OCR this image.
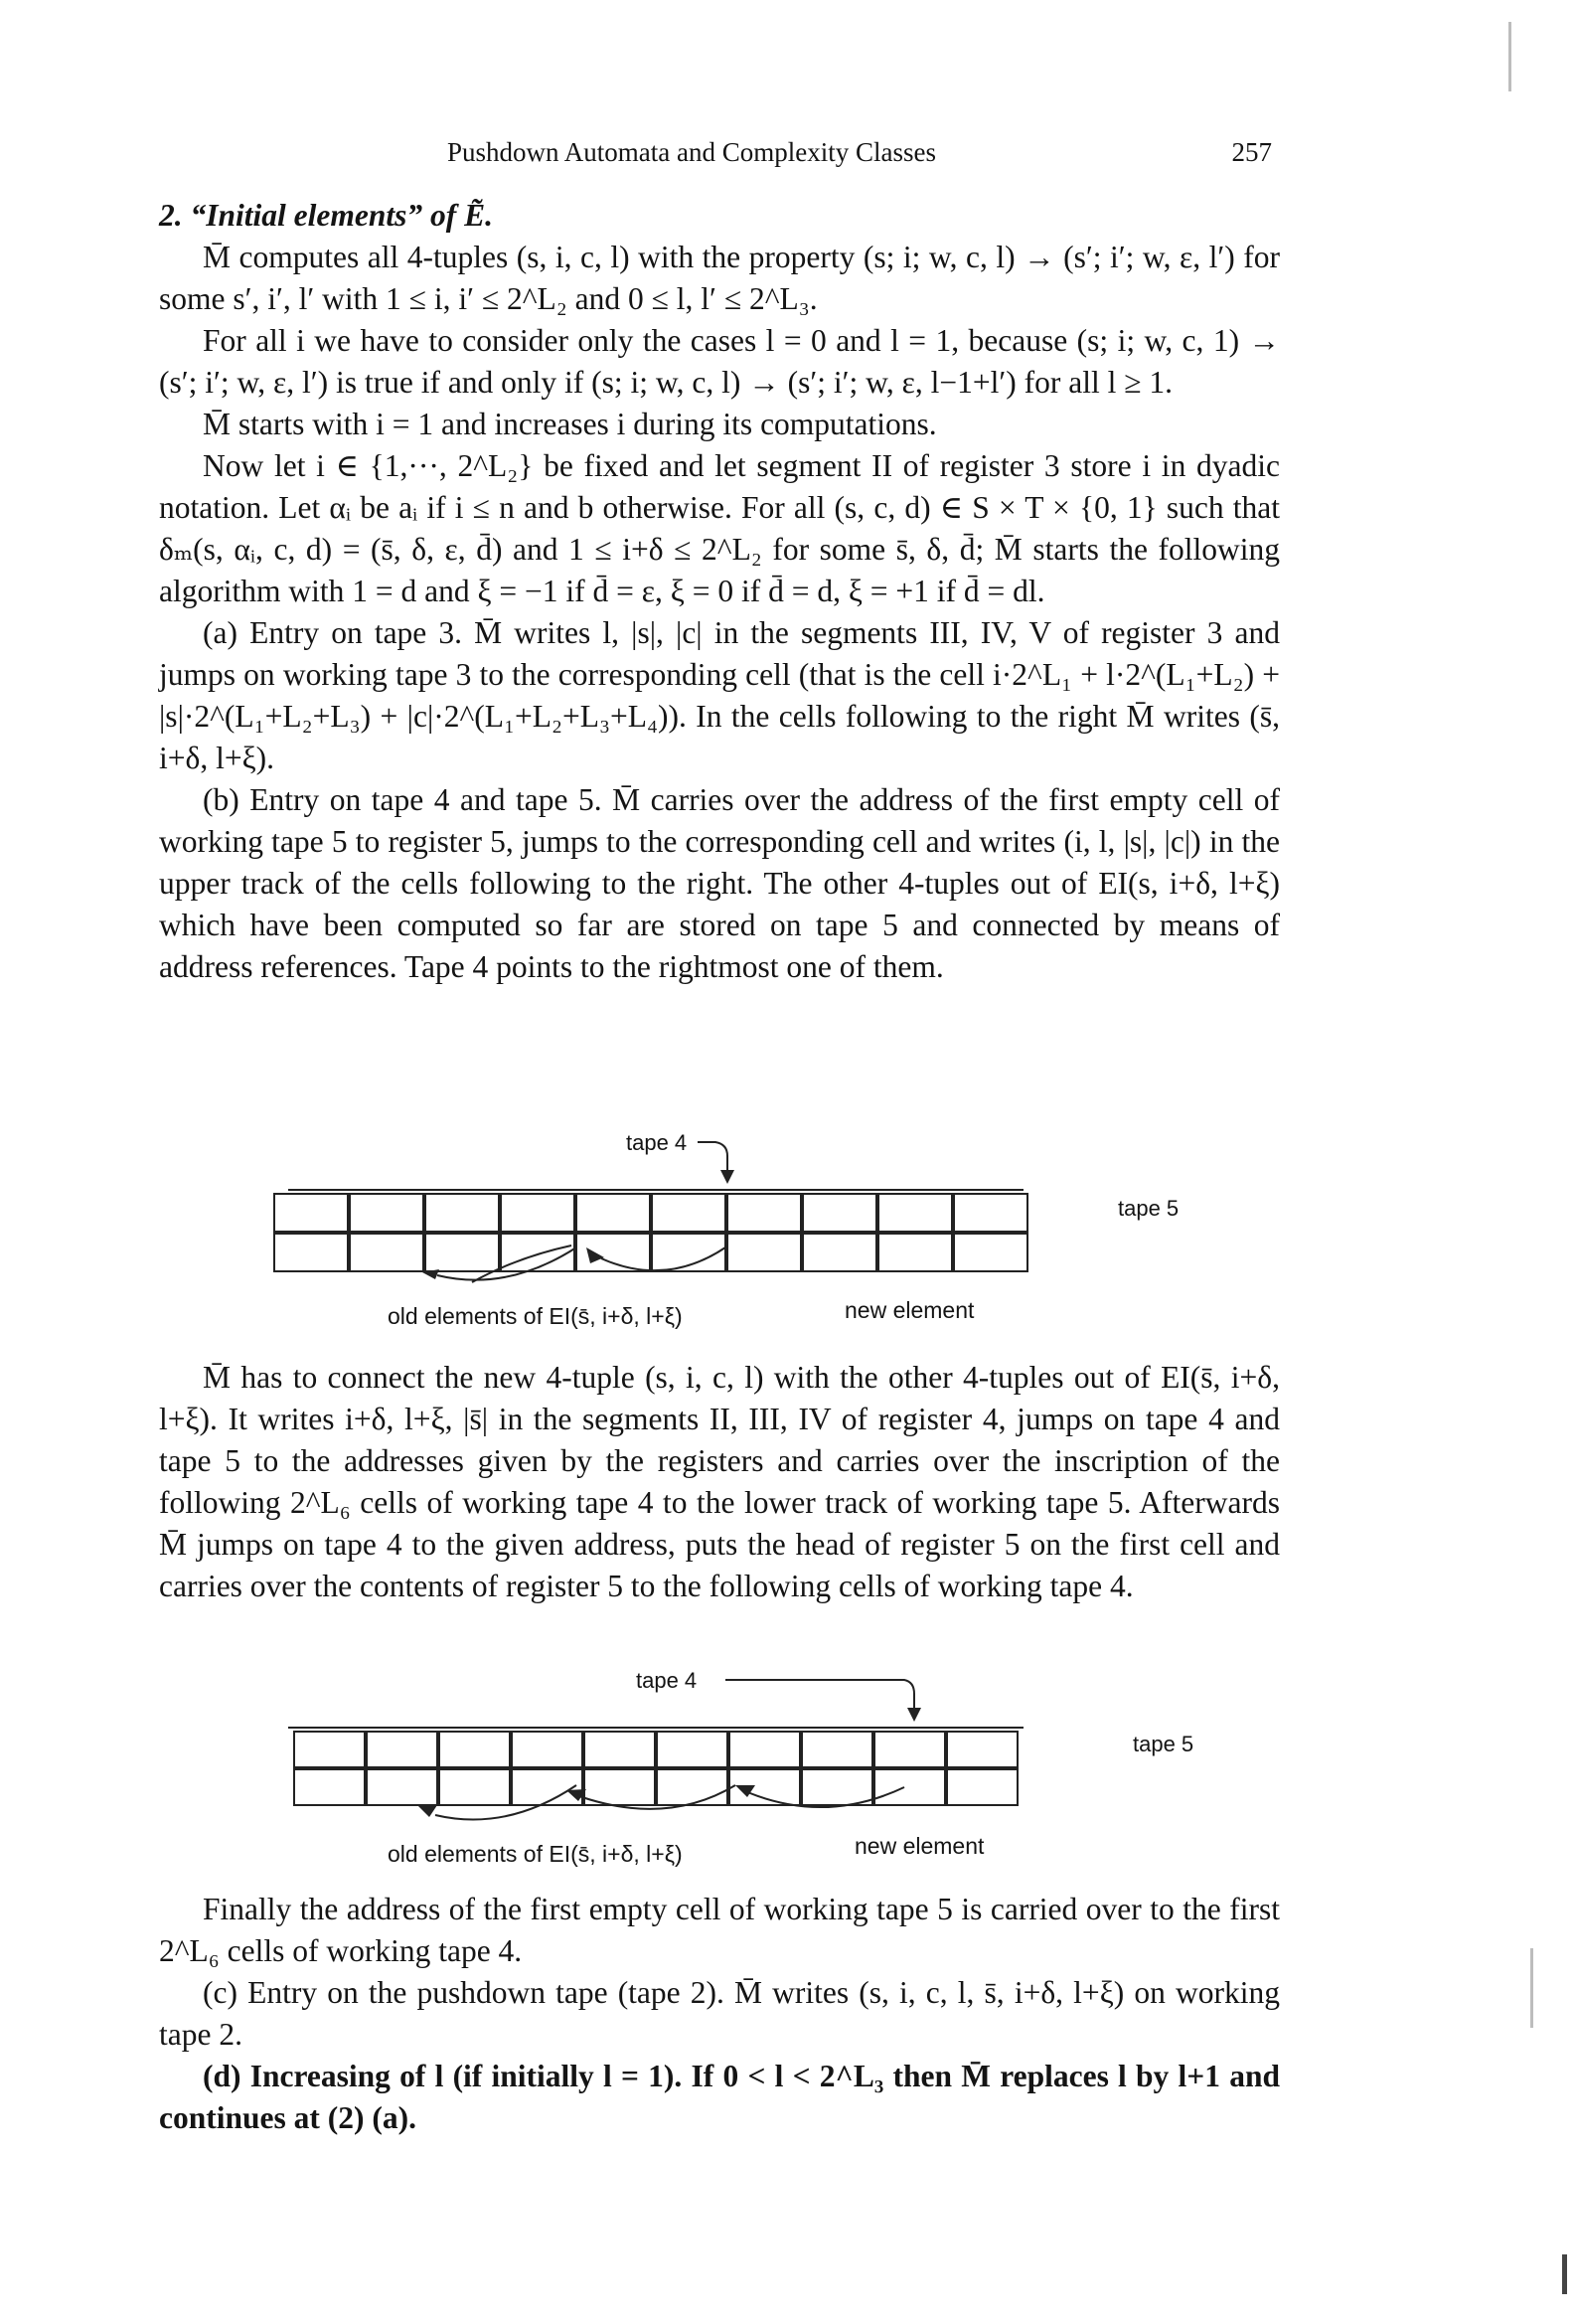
Pushdown Automata and Complexity Classes	257

2. “Initial elements” of Ẽ.

M̄ computes all 4-tuples (s, i, c, l) with the property (s; i; w, c, l) → (s′; i′; w, ε, l′) for some s′, i′, l′ with 1 ≤ i, i′ ≤ 2^L₂ and 0 ≤ l, l′ ≤ 2^L₃.

For all i we have to consider only the cases l = 0 and l = 1, because (s; i; w, c, 1) → (s′; i′; w, ε, l′) is true if and only if (s; i; w, c, l) → (s′; i′; w, ε, l−1+l′) for all l ≥ 1.

M̄ starts with i = 1 and increases i during its computations.

Now let i ∈ {1,···, 2^L₂} be fixed and let segment II of register 3 store i in dyadic notation. Let αᵢ be aᵢ if i ≤ n and b otherwise. For all (s, c, d) ∈ S × T × {0, 1} such that δₘ(s, αᵢ, c, d) = (s̄, δ, ε, d̄) and 1 ≤ i+δ ≤ 2^L₂ for some s̄, δ, d̄; M̄ starts the following algorithm with 1 = d and ξ = −1 if d̄ = ε, ξ = 0 if d̄ = d, ξ = +1 if d̄ = dl.

(a) Entry on tape 3. M̄ writes l, |s|, |c| in the segments III, IV, V of register 3 and jumps on working tape 3 to the corresponding cell (that is the cell i·2^L₁ + l·2^(L₁+L₂) + |s|·2^(L₁+L₂+L₃) + |c|·2^(L₁+L₂+L₃+L₄)). In the cells following to the right M̄ writes (s̄, i+δ, l+ξ).

(b) Entry on tape 4 and tape 5. M̄ carries over the address of the first empty cell of working tape 5 to register 5, jumps to the corresponding cell and writes (i, l, |s|, |c|) in the upper track of the cells following to the right. The other 4-tuples out of EI(s, i+δ, l+ξ) which have been computed so far are stored on tape 5 and connected by means of address references. Tape 4 points to the rightmost one of them.

tape 4
tape 5
old elements of EI(s̄, i+δ, l+ξ)	new element

M̄ has to connect the new 4-tuple (s, i, c, l) with the other 4-tuples out of EI(s̄, i+δ, l+ξ). It writes i+δ, l+ξ, |s̄| in the segments II, III, IV of register 4, jumps on tape 4 and tape 5 to the addresses given by the registers and carries over the inscription of the following 2^L₆ cells of working tape 4 to the lower track of working tape 5. Afterwards M̄ jumps on tape 4 to the given address, puts the head of register 5 on the first cell and carries over the contents of register 5 to the following cells of working tape 4.

tape 4
tape 5
old elements of EI(s̄, i+δ, l+ξ)	new element

Finally the address of the first empty cell of working tape 5 is carried over to the first 2^L₆ cells of working tape 4.

(c) Entry on the pushdown tape (tape 2). M̄ writes (s, i, c, l, s̄, i+δ, l+ξ) on working tape 2.

(d) Increasing of l (if initially l = 1). If 0 < l < 2^L₃ then M̄ replaces l by l+1 and continues at (2) (a).
